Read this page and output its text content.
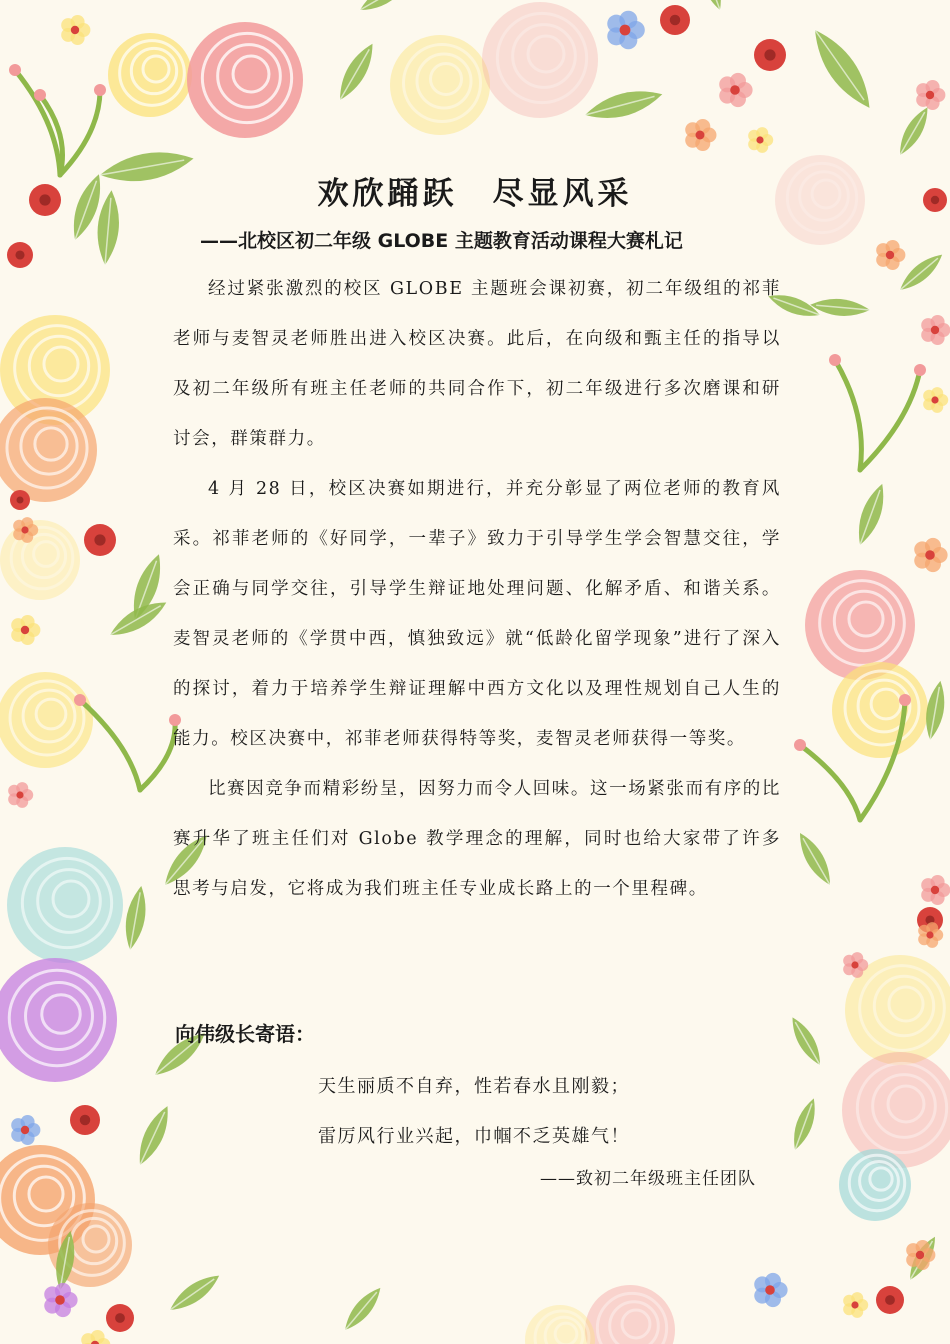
欢欣踊跃　尽显风采
——北校区初二年级 GLOBE 主题教育活动课程大赛札记

经过紧张激烈的校区 GLOBE 主题班会课初赛，初二年级组的祁菲老师与麦智灵老师胜出进入校区决赛。此后，在向级和甄主任的指导以及初二年级所有班主任老师的共同合作下，初二年级进行多次磨课和研讨会，群策群力。

4 月 28 日，校区决赛如期进行，并充分彰显了两位老师的教育风采。祁菲老师的《好同学，一辈子》致力于引导学生学会智慧交往，学会正确与同学交往，引导学生辩证地处理问题、化解矛盾、和谐关系。麦智灵老师的《学贯中西，慎独致远》就“低龄化留学现象”进行了深入的探讨，着力于培养学生辩证理解中西方文化以及理性规划自己人生的能力。校区决赛中，祁菲老师获得特等奖，麦智灵老师获得一等奖。

比赛因竞争而精彩纷呈，因努力而令人回味。这一场紧张而有序的比赛升华了班主任们对 Globe 教学理念的理解，同时也给大家带了许多思考与启发，它将成为我们班主任专业成长路上的一个里程碑。

向伟级长寄语：
天生丽质不自弃，性若春水且刚毅；
雷厉风行业兴起，巾帼不乏英雄气！
——致初二年级班主任团队
